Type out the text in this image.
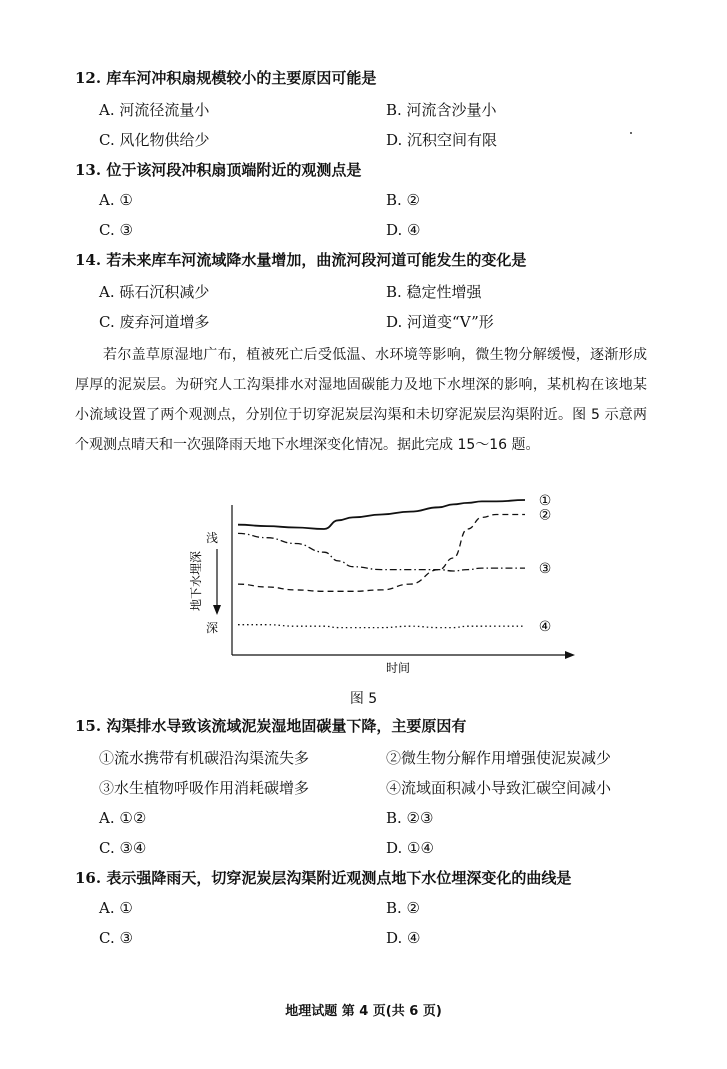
12. 库车河冲积扇规模较小的主要原因可能是
A. 河流径流量小	B. 河流含沙量小
C. 风化物供给少	D. 沉积空间有限
13. 位于该河段冲积扇顶端附近的观测点是
A. ①	B. ②
C. ③	D. ④
14. 若未来库车河流域降水量增加，曲流河段河道可能发生的变化是
A. 砾石沉积减少	B. 稳定性增强
C. 废弃河道增多	D. 河道变“V”形

若尔盖草原湿地广布，植被死亡后受低温、水环境等影响，微生物分解缓慢，逐渐形成厚厚的泥炭层。为研究人工沟渠排水对湿地固碳能力及地下水埋深的影响，某机构在该地某小流域设置了两个观测点，分别位于切穿泥炭层沟渠和未切穿泥炭层沟渠附近。图 5 示意两个观测点晴天和一次强降雨天地下水埋深变化情况。据此完成 15～16 题。

浅
深
地下水埋深
时间
①
②
③
④
图 5
15. 沟渠排水导致该流域泥炭湿地固碳量下降，主要原因有
①流水携带有机碳沿沟渠流失多	②微生物分解作用增强使泥炭减少
③水生植物呼吸作用消耗碳增多	④流域面积减小导致汇碳空间减小
A. ①②	B. ②③
C. ③④	D. ①④
16. 表示强降雨天，切穿泥炭层沟渠附近观测点地下水位埋深变化的曲线是
A. ①	B. ②
C. ③	D. ④
地理试题 第 4 页(共 6 页)
